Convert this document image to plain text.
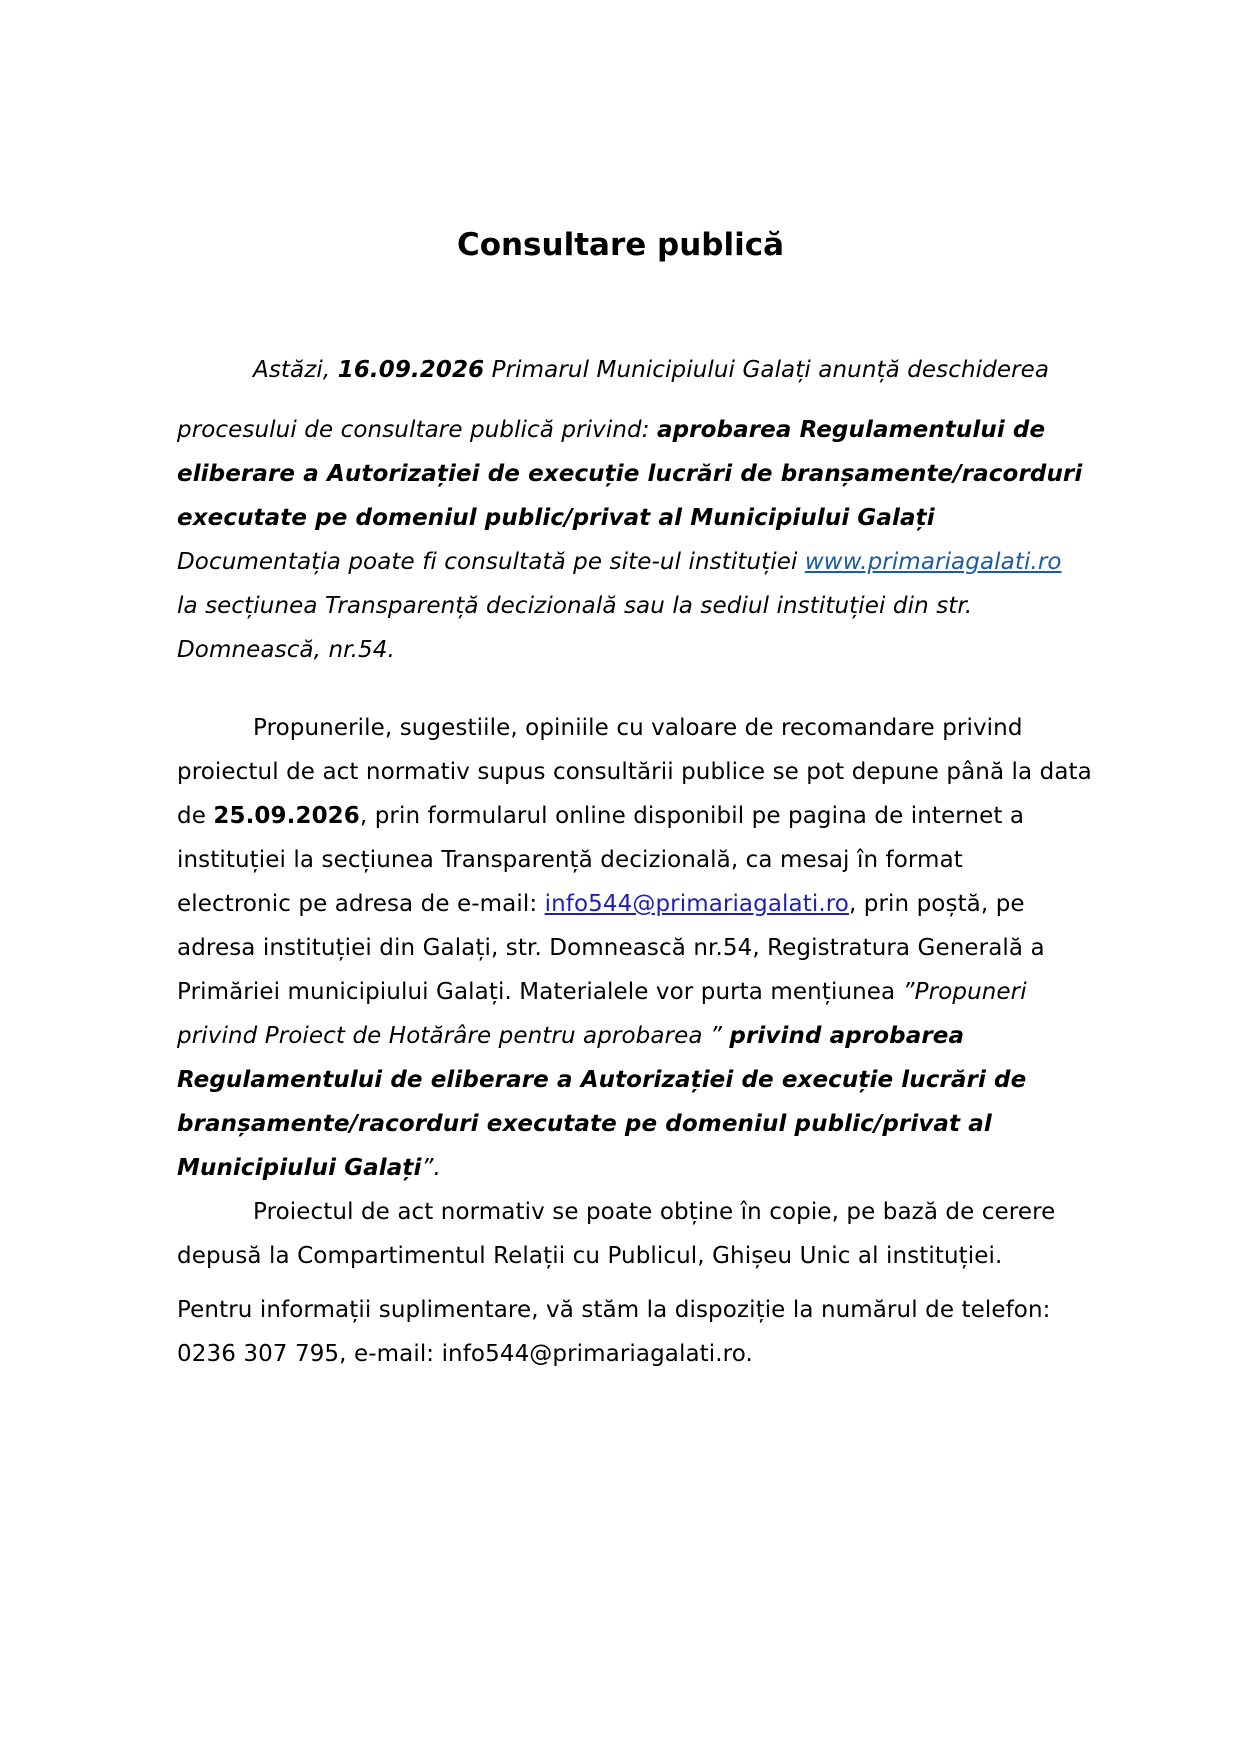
Consultare publică
Astăzi, 16.09.2026 Primarul Municipiului Galați anunță deschiderea
procesului de consultare publică privind: aprobarea Regulamentului de
eliberare a Autorizației de execuție lucrări de branșamente/racorduri
executate pe domeniul public/privat al Municipiului Galați
Documentația poate fi consultată pe site-ul instituției www.primariagalati.ro
la secțiunea Transparență decizională sau la sediul instituției din str.
Domnească, nr.54.
Propunerile, sugestiile, opiniile cu valoare de recomandare privind
proiectul de act normativ supus consultării publice se pot depune până la data
de 25.09.2026, prin formularul online disponibil pe pagina de internet a
instituției la secțiunea Transparență decizională, ca mesaj în format
electronic pe adresa de e-mail: info544@primariagalati.ro, prin poștă, pe
adresa instituției din Galați, str. Domnească nr.54, Registratura Generală a
Primăriei municipiului Galați. Materialele vor purta mențiunea ”Propuneri
privind Proiect de Hotărâre pentru aprobarea ” privind aprobarea
Regulamentului de eliberare a Autorizației de execuție lucrări de
branșamente/racorduri executate pe domeniul public/privat al
Municipiului Galați”.
Proiectul de act normativ se poate obține în copie, pe bază de cerere
depusă la Compartimentul Relații cu Publicul, Ghișeu Unic al instituției.
Pentru informații suplimentare, vă stăm la dispoziție la numărul de telefon:
0236 307 795, e-mail: info544@primariagalati.ro.
